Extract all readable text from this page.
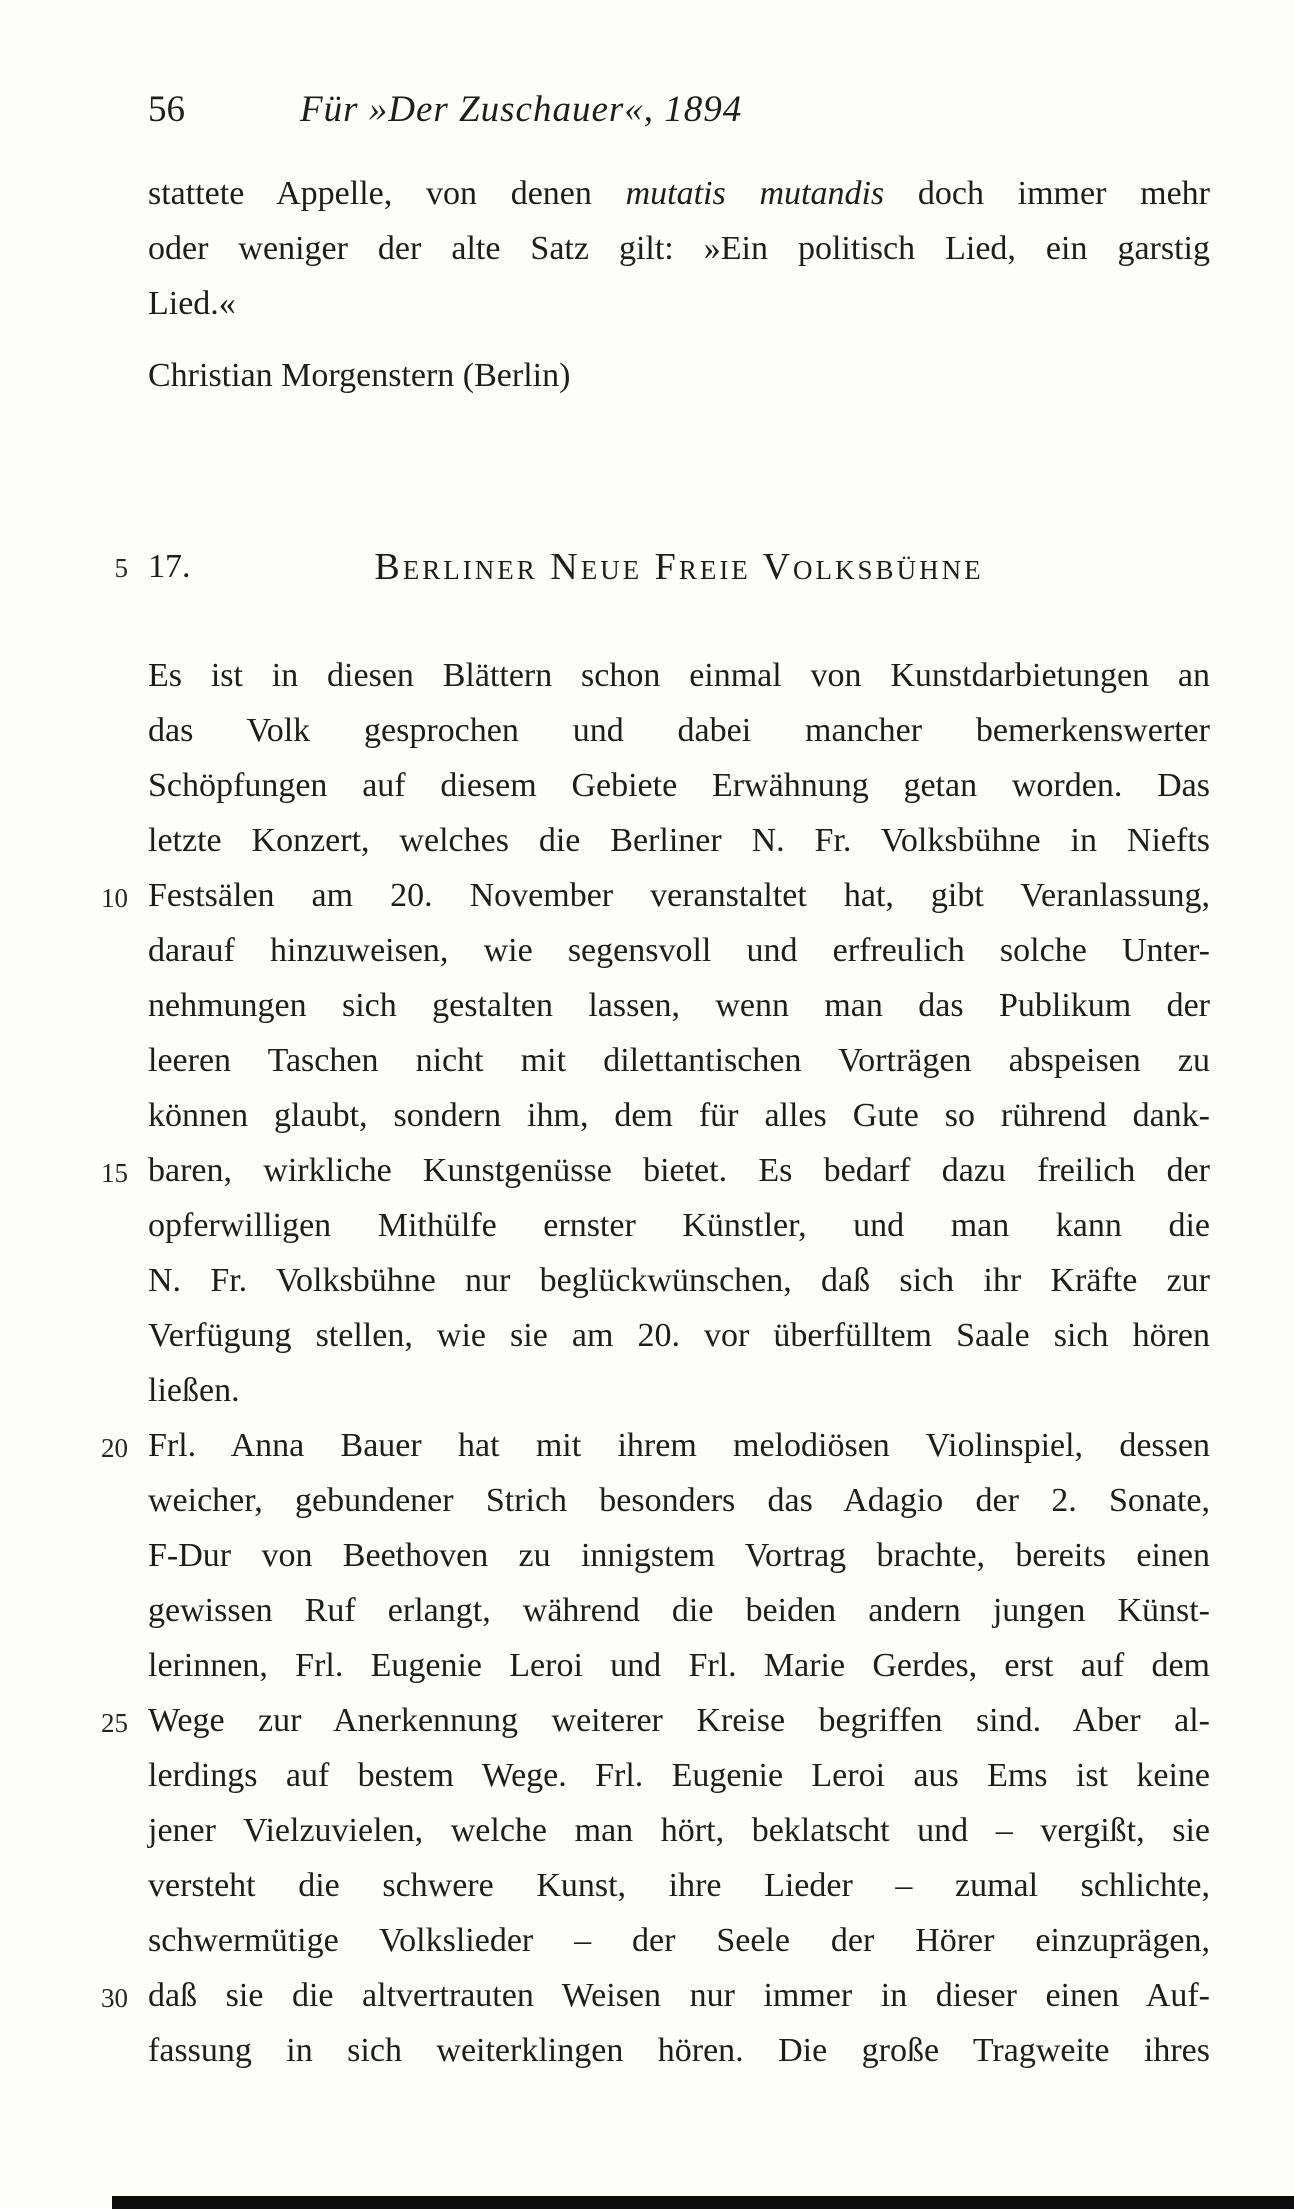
56	Für »Der Zuschauer«, 1894
stattete Appelle, von denen mutatis mutandis doch immer mehr
oder weniger der alte Satz gilt: »Ein politisch Lied, ein garstig
Lied.«
Christian Morgenstern (Berlin)
5 17.	Berliner Neue Freie Volksbühne
Es ist in diesen Blättern schon einmal von Kunstdarbietungen an
das Volk gesprochen und dabei mancher bemerkenswerter
Schöpfungen auf diesem Gebiete Erwähnung getan worden. Das
letzte Konzert, welches die Berliner N. Fr. Volksbühne in Niefts
10 Festsälen am 20. November veranstaltet hat, gibt Veranlassung,
darauf hinzuweisen, wie segensvoll und erfreulich solche Unter-
nehmungen sich gestalten lassen, wenn man das Publikum der
leeren Taschen nicht mit dilettantischen Vorträgen abspeisen zu
können glaubt, sondern ihm, dem für alles Gute so rührend dank-
15 baren, wirkliche Kunstgenüsse bietet. Es bedarf dazu freilich der
opferwilligen Mithülfe ernster Künstler, und man kann die
N. Fr. Volksbühne nur beglückwünschen, daß sich ihr Kräfte zur
Verfügung stellen, wie sie am 20. vor überfülltem Saale sich hören
ließen.
20 Frl. Anna Bauer hat mit ihrem melodiösen Violinspiel, dessen
weicher, gebundener Strich besonders das Adagio der 2. Sonate,
F-Dur von Beethoven zu innigstem Vortrag brachte, bereits einen
gewissen Ruf erlangt, während die beiden andern jungen Künst-
lerinnen, Frl. Eugenie Leroi und Frl. Marie Gerdes, erst auf dem
25 Wege zur Anerkennung weiterer Kreise begriffen sind. Aber al-
lerdings auf bestem Wege. Frl. Eugenie Leroi aus Ems ist keine
jener Vielzuvielen, welche man hört, beklatscht und – vergißt, sie
versteht die schwere Kunst, ihre Lieder – zumal schlichte,
schwermütige Volkslieder – der Seele der Hörer einzuprägen,
30 daß sie die altvertrauten Weisen nur immer in dieser einen Auf-
fassung in sich weiterklingen hören. Die große Tragweite ihres
